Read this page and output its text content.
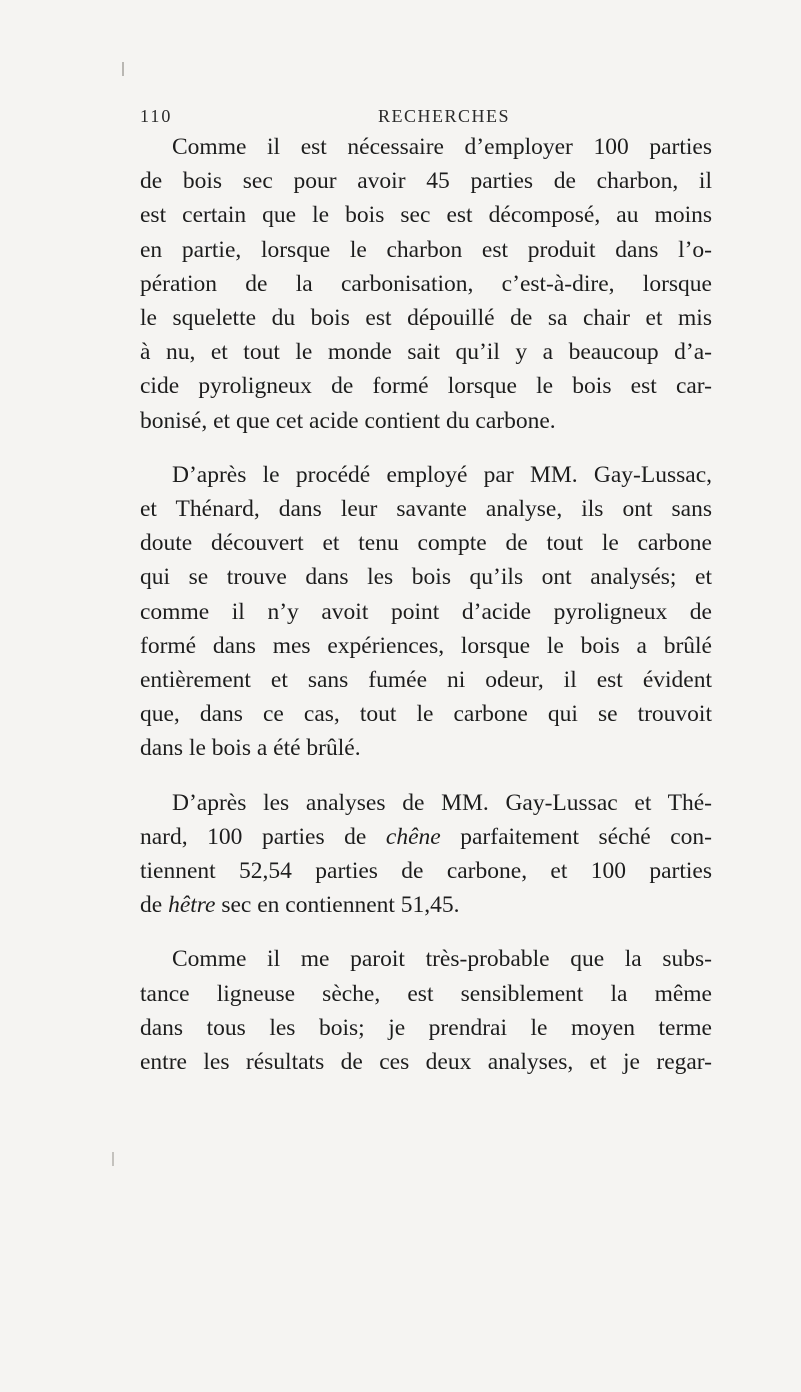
110	RECHERCHES
Comme il est nécessaire d’employer 100 parties
de bois sec pour avoir 45 parties de charbon, il
est certain que le bois sec est décomposé, au moins
en partie, lorsque le charbon est produit dans l’o-
pération de la carbonisation, c’est-à-dire, lorsque
le squelette du bois est dépouillé de sa chair et mis
à nu, et tout le monde sait qu’il y a beaucoup d’a-
cide pyroligneux de formé lorsque le bois est car-
bonisé, et que cet acide contient du carbone.
D’après le procédé employé par MM. Gay-Lussac,
et Thénard, dans leur savante analyse, ils ont sans
doute découvert et tenu compte de tout le carbone
qui se trouve dans les bois qu’ils ont analysés; et
comme il n’y avoit point d’acide pyroligneux de
formé dans mes expériences, lorsque le bois a brûlé
entièrement et sans fumée ni odeur, il est évident
que, dans ce cas, tout le carbone qui se trouvoit
dans le bois a été brûlé.
D’après les analyses de MM. Gay-Lussac et Thé-
nard, 100 parties de chêne parfaitement séché con-
tiennent 52,54 parties de carbone, et 100 parties
de hêtre sec en contiennent 51,45.
Comme il me paroit très-probable que la subs-
tance ligneuse sèche, est sensiblement la même
dans tous les bois; je prendrai le moyen terme
entre les résultats de ces deux analyses, et je regar-
